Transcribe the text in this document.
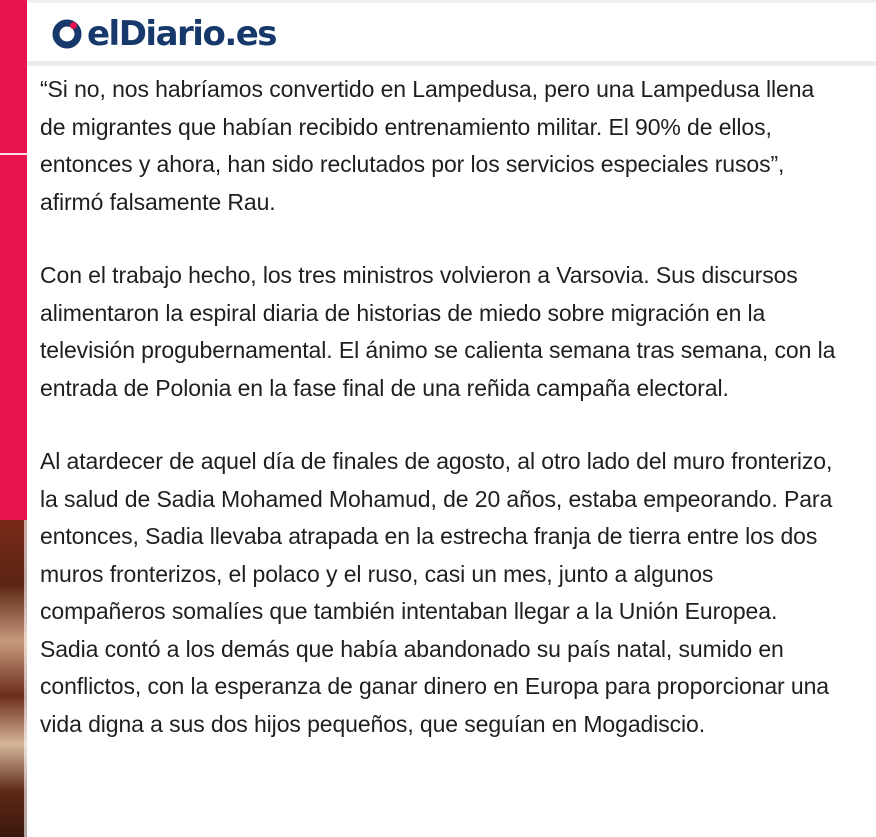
elDiario.es

“Si no, nos habríamos convertido en Lampedusa, pero una Lampedusa llena de migrantes que habían recibido entrenamiento militar. El 90% de ellos, entonces y ahora, han sido reclutados por los servicios especiales rusos”, afirmó falsamente Rau.

Con el trabajo hecho, los tres ministros volvieron a Varsovia. Sus discursos alimentaron la espiral diaria de historias de miedo sobre migración en la televisión progubernamental. El ánimo se calienta semana tras semana, con la entrada de Polonia en la fase final de una reñida campaña electoral.

Al atardecer de aquel día de finales de agosto, al otro lado del muro fronterizo, la salud de Sadia Mohamed Mohamud, de 20 años, estaba empeorando. Para entonces, Sadia llevaba atrapada en la estrecha franja de tierra entre los dos muros fronterizos, el polaco y el ruso, casi un mes, junto a algunos compañeros somalíes que también intentaban llegar a la Unión Europea. Sadia contó a los demás que había abandonado su país natal, sumido en conflictos, con la esperanza de ganar dinero en Europa para proporcionar una vida digna a sus dos hijos pequeños, que seguían en Mogadiscio.
